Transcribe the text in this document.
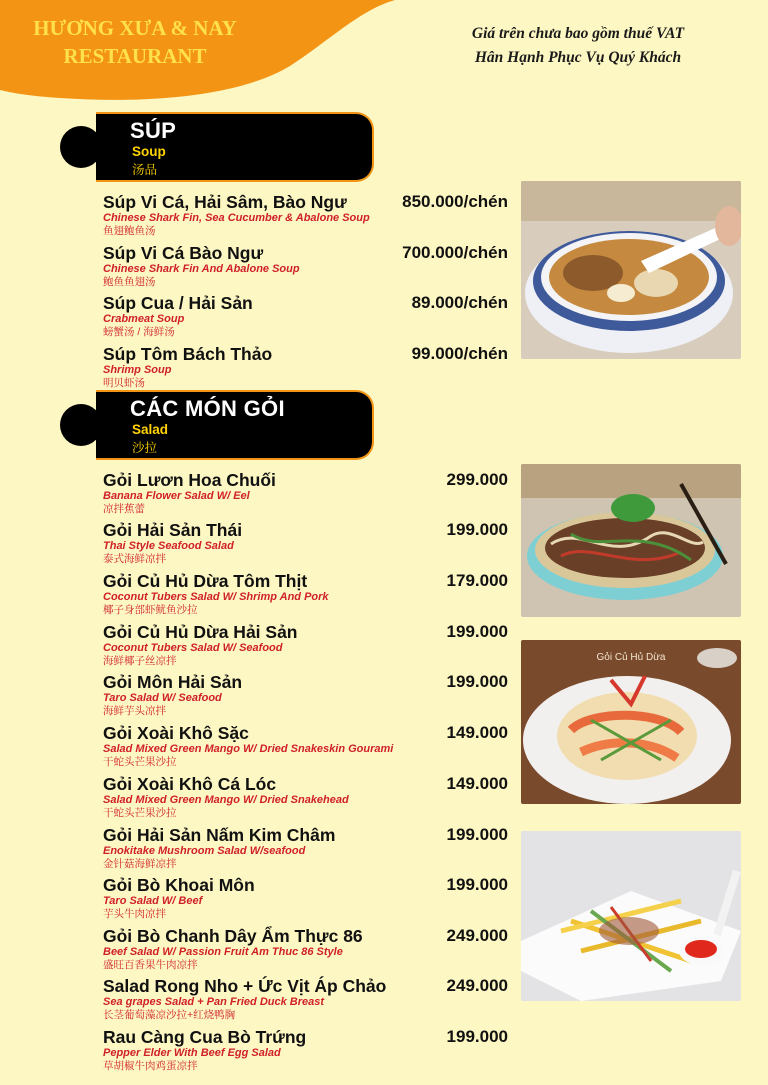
HƯƠNG XƯA & NAY
RESTAURANT
Giá trên chưa bao gồm thuế VAT
Hân Hạnh Phục Vụ Quý Khách
SÚP
Soup
汤品
Súp Vi Cá, Hải Sâm, Bào Ngư	850.000/chén
Chinese Shark Fin, Sea Cucumber & Abalone Soup
鱼翅鲍鱼汤
Súp Vi Cá Bào Ngư	700.000/chén
Chinese Shark Fin And Abalone Soup
鲍鱼鱼翅汤
Súp Cua / Hải Sản	89.000/chén
Crabmeat Soup
螃蟹汤 / 海鲜汤
Súp Tôm Bách Thảo	99.000/chén
Shrimp Soup
明贝虾汤
CÁC MÓN GỎI
Salad
沙拉
Gỏi Lươn Hoa Chuối	299.000
Banana Flower Salad W/ Eel
凉拌蕉蕾
Gỏi Hải Sản Thái	199.000
Thai Style Seafood Salad
泰式海鲜凉拌
Gỏi Củ Hủ Dừa Tôm Thịt	179.000
Coconut Tubers Salad W/ Shrimp And Pork
椰子身部虾鱿鱼沙拉
Gỏi Củ Hủ Dừa Hải Sản	199.000
Coconut Tubers Salad W/ Seafood
海鲜椰子丝凉拌
Gỏi Môn Hải Sản	199.000
Taro Salad W/ Seafood
海鲜芋头凉拌
Gỏi Xoài Khô Sặc	149.000
Salad Mixed Green Mango W/ Dried Snakeskin Gourami
干蛇头芒果沙拉
Gỏi Xoài Khô Cá Lóc	149.000
Salad Mixed Green Mango W/ Dried Snakehead
干蛇头芒果沙拉
Gỏi Hải Sản Nấm Kim Châm	199.000
Enokitake Mushroom Salad W/seafood
金针菇海鲜凉拌
Gỏi Bò Khoai Môn	199.000
Taro Salad W/ Beef
芋头牛肉凉拌
Gỏi Bò Chanh Dây Ẩm Thực 86	249.000
Beef Salad W/ Passion Fruit Am Thuc 86 Style
盛旺百香果牛肉凉拌
Salad Rong Nho + Ức Vịt Áp Chảo	249.000
Sea grapes Salad + Pan Fried Duck Breast
长茎葡萄藻凉沙拉+红烧鸭胸
Rau Càng Cua Bò Trứng	199.000
Pepper Elder With Beef Egg Salad
草胡椒牛肉鸡蛋凉拌
Gỏi Củ Hủ Dừa
